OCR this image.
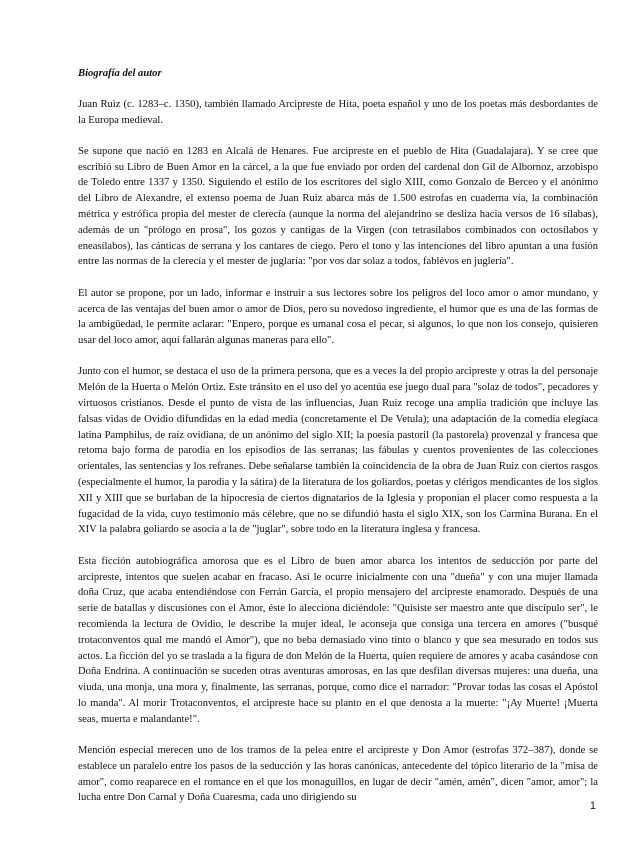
Biografía del autor

Juan Ruiz (c. 1283–c. 1350), también llamado Arcipreste de Hita, poeta español y uno de los poetas más desbordantes de la Europa medieval.

Se supone que nació en 1283 en Alcalá de Henares. Fue arcipreste en el pueblo de Hita (Guadalajara). Y se cree que escribió su Libro de Buen Amor en la cárcel, a la que fue enviado por orden del cardenal don Gil de Albornoz, arzobispo de Toledo entre 1337 y 1350. Siguiendo el estilo de los escritores del siglo XIII, como Gonzalo de Berceo y el anónimo del Libro de Alexandre, el extenso poema de Juan Ruiz abarca más de 1.500 estrofas en cuaderna vía, la combinación métrica y estrófica propia del mester de clerecía (aunque la norma del alejandrino se desliza hacia versos de 16 sílabas), además de un "prólogo en prosa", los gozos y cantigas de la Virgen (con tetrasílabos combinados con octosílabos y eneasílabos), las cánticas de serrana y los cantares de ciego. Pero el tono y las intenciones del libro apuntan a una fusión entre las normas de la clerecía y el mester de juglaría: "por vos dar solaz a todos, fablévos en juglería".

El autor se propone, por un lado, informar e instruir a sus lectores sobre los peligros del loco amor o amor mundano, y acerca de las ventajas del buen amor o amor de Dios, pero su novedoso ingrediente, el humor que es una de las formas de la ambigüedad, le permite aclarar: "Enpero, porque es umanal cosa el pecar, si algunos, lo que non los consejo, quisieren usar del loco amor, aquí fallarán algunas maneras para ello".

Junto con el humor, se destaca el uso de la primera persona, que es a veces la del propio arcipreste y otras la del personaje Melón de la Huerta o Melón Ortiz. Este tránsito en el uso del yo acentúa ese juego dual para "solaz de todos", pecadores y virtuosos cristianos. Desde el punto de vista de las influencias, Juan Ruiz recoge una amplia tradición que incluye las falsas vidas de Ovidio difundidas en la edad media (concretamente el De Vetula); una adaptación de la comedia elegíaca latina Pamphilus, de raíz ovidiana, de un anónimo del siglo XII; la poesía pastoril (la pastorela) provenzal y francesa que retoma bajo forma de parodia en los episodios de las serranas; las fábulas y cuentos provenientes de las colecciones orientales, las sentencias y los refranes. Debe señalarse también la coincidencia de la obra de Juan Ruiz con ciertos rasgos (especialmente el humor, la parodia y la sátira) de la literatura de los goliardos, poetas y clérigos mendicantes de los siglos XII y XIII que se burlaban de la hipocresía de ciertos dignatarios de la Iglesia y proponían el placer como respuesta a la fugacidad de la vida, cuyo testimonio más célebre, que no se difundió hasta el siglo XIX, son los Carmina Burana. En el XIV la palabra goliardo se asocia a la de "juglar", sobre todo en la literatura inglesa y francesa.

Esta ficción autobiográfica amorosa que es el Libro de buen amor abarca los intentos de seducción por parte del arcipreste, intentos que suelen acabar en fracaso. Así le ocurre inicialmente con una "dueña" y con una mujer llamada doña Cruz, que acaba entendiéndose con Ferrán García, el propio mensajero del arcipreste enamorado. Después de una serie de batallas y discusiones con el Amor, éste lo alecciona diciéndole: "Quisiste ser maestro ante que discípulo ser", le recomienda la lectura de Ovidio, le describe la mujer ideal, le aconseja que consiga una tercera en amores ("busqué trotaconventos qual me mandó el Amor"), que no beba demasiado vino tinto o blanco y que sea mesurado en todos sus actos. La ficción del yo se traslada a la figura de don Melón de la Huerta, quien requiere de amores y acaba casándose con Doña Endrina. A continuación se suceden otras aventuras amorosas, en las que desfilan diversas mujeres: una dueña, una viuda, una monja, una mora y, finalmente, las serranas, porque, como dice el narrador: "Provar todas las cosas el Apóstol lo manda". Al morir Trotaconventos, el arcipreste hace su planto en el que denosta a la muerte: "¡Ay Muerte! ¡Muerta seas, muerta e malandante!".

Mención especial merecen uno de los tramos de la pelea entre el arcipreste y Don Amor (estrofas 372–387), donde se establece un paralelo entre los pasos de la seducción y las horas canónicas, antecedente del tópico literario de la "misa de amor", como reaparece en el romance en el que los monaguillos, en lugar de decir "amén, amén", dicen "amor, amor"; la lucha entre Don Carnal y Doña Cuaresma, cada uno dirigiendo su

1
